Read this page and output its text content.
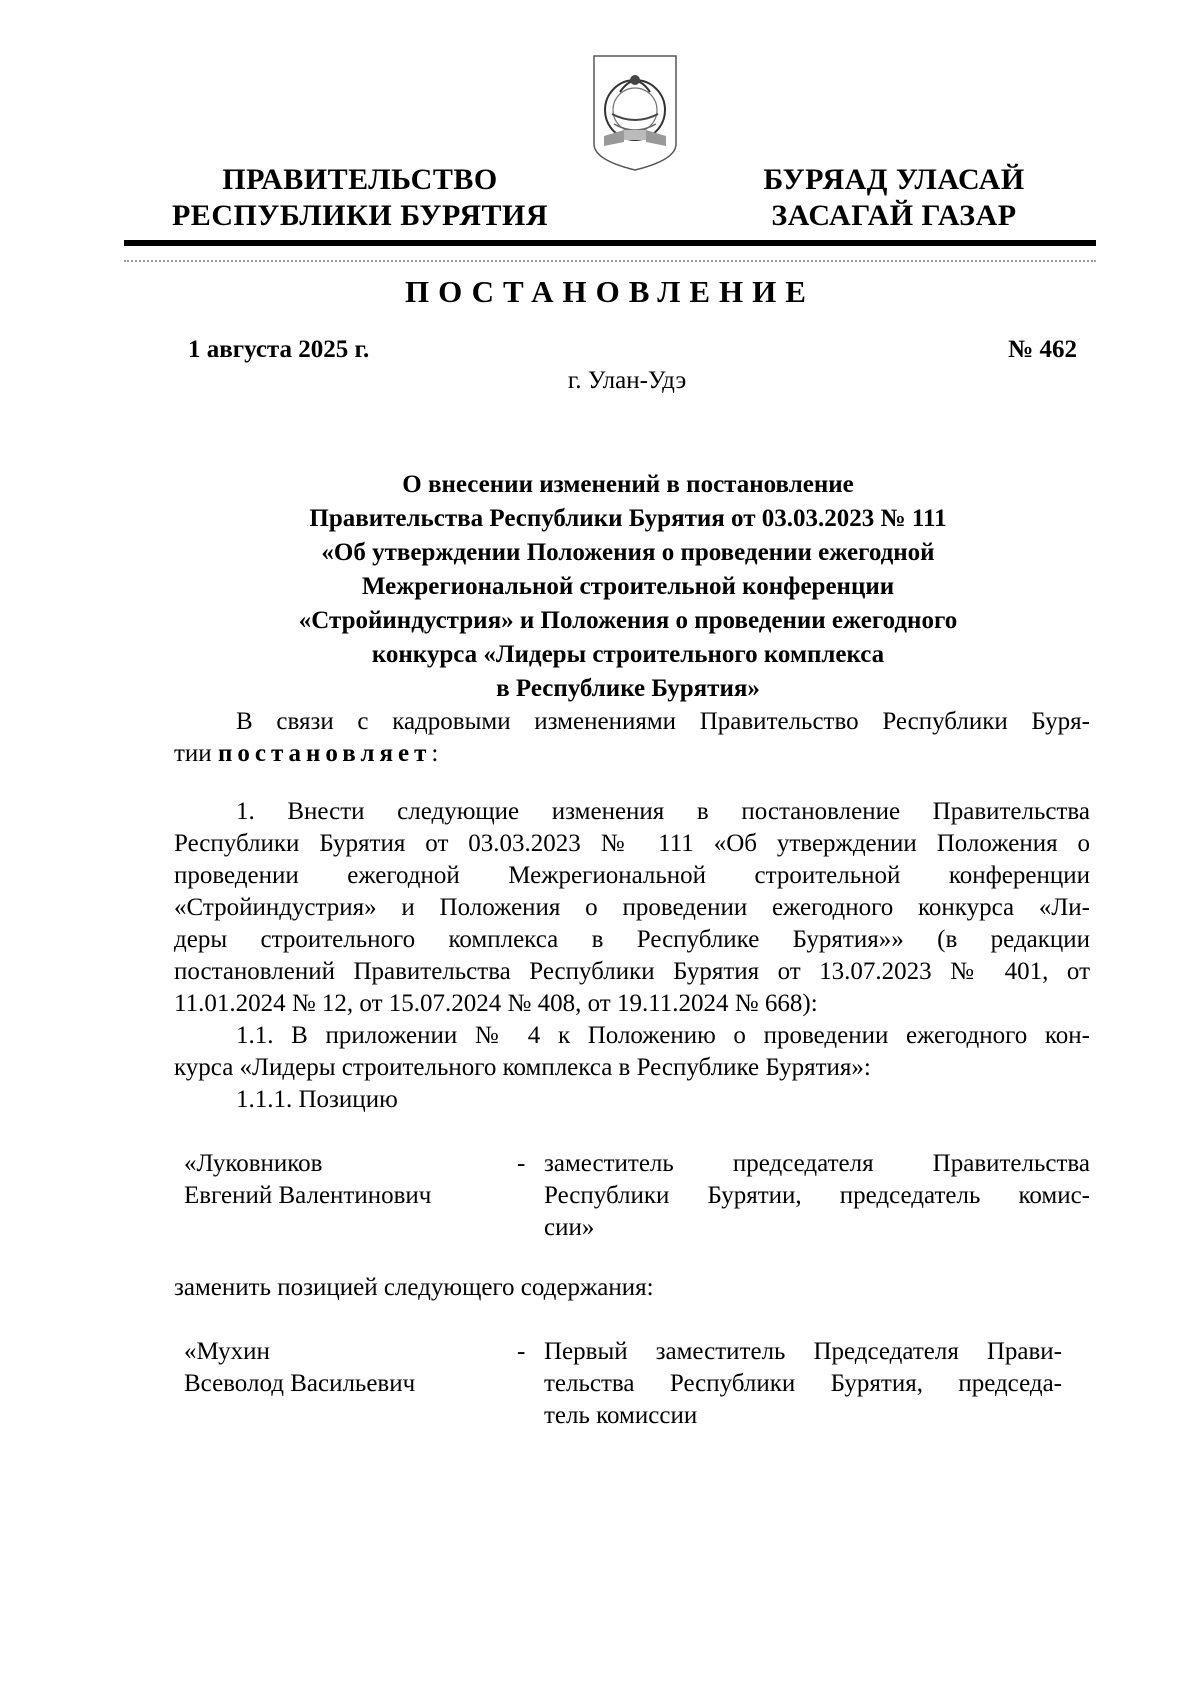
ПРАВИТЕЛЬСТВО
РЕСПУБЛИКИ БУРЯТИЯ
БУРЯАД УЛАСАЙ
ЗАСАГАЙ ГАЗАР
ПОСТАНОВЛЕНИЕ
1 августа 2025 г.	№ 462
г. Улан-Удэ
О внесении изменений в постановление
Правительства Республики Бурятия от 03.03.2023 № 111
«Об утверждении Положения о проведении ежегодной
Межрегиональной строительной конференции
«Стройиндустрия» и Положения о проведении ежегодного
конкурса «Лидеры строительного комплекса
в Республике Бурятия»
В связи с кадровыми изменениями Правительство Республики Буря-
тии постановляет:
1. Внести следующие изменения в постановление Правительства
Республики Бурятия от 03.03.2023 № 111 «Об утверждении Положения о
проведении ежегодной Межрегиональной строительной конференции
«Стройиндустрия» и Положения о проведении ежегодного конкурса «Ли-
деры строительного комплекса в Республике Бурятия»» (в редакции
постановлений Правительства Республики Бурятия от 13.07.2023 № 401, от
11.01.2024 № 12, от 15.07.2024 № 408, от 19.11.2024 № 668):
1.1. В приложении № 4 к Положению о проведении ежегодного кон-
курса «Лидеры строительного комплекса в Республике Бурятия»:
1.1.1. Позицию
«Луковников
Евгений Валентинович
- заместитель председателя Правительства
Республики Бурятии, председатель комис-
сии»
заменить позицией следующего содержания:
«Мухин
Всеволод Васильевич
- Первый заместитель Председателя Прави-
тельства Республики Бурятия, председа-
тель комиссии
